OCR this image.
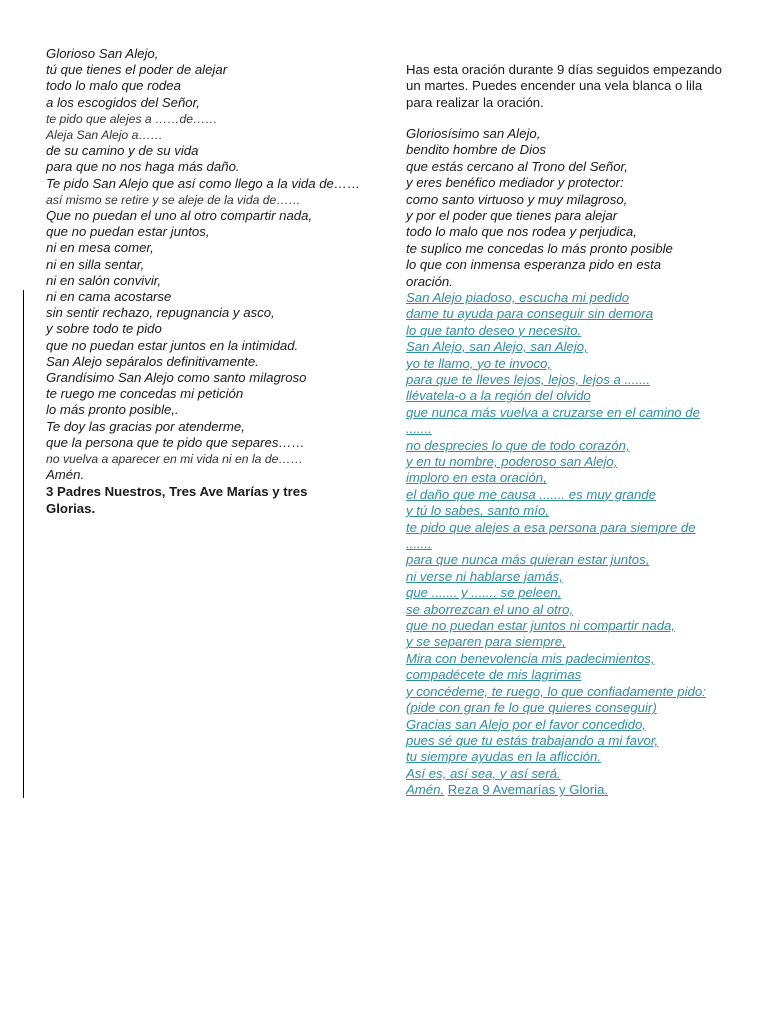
Glorioso San Alejo,
tú que tienes el poder de alejar
todo lo malo que rodea
a los escogidos del Señor,
te pido que alejes a ……de……
Aleja San Alejo a……
de su camino y de su vida
para que no nos haga más daño.
Te pido San Alejo que así como llego a la vida de……
así mismo se retire y se aleje de la vida de……
Que no puedan el uno al otro compartir nada,
que no puedan estar juntos,
ni en mesa comer,
ni en silla sentar,
ni en salón convivir,
ni en cama acostarse
sin sentir rechazo, repugnancia y asco,
y sobre todo te pido
que no puedan estar juntos en la intimidad.
San Alejo sepáralos definitivamente.
Grandísimo San Alejo como santo milagroso
te ruego me concedas mi petición
lo más pronto posible,.
Te doy las gracias por atenderme,
que la persona que te pido que separes……
no vuelva a aparecer en mi vida ni en la de……
Amén.
3 Padres Nuestros, Tres Ave Marías y tres Glorias.
Has esta oración durante 9 días seguidos empezando un martes. Puedes encender una vela blanca o lila para realizar la oración.
Gloriosísimo san Alejo,
bendito hombre de Dios
que estás cercano al Trono del Señor,
y eres benéfico mediador y protector:
como santo virtuoso y muy milagroso,
y por el poder que tienes para alejar
todo lo malo que nos rodea y perjudica,
te suplico me concedas lo más pronto posible
lo que con inmensa esperanza pido en esta
oración.
San Alejo piadoso, escucha mi pedido
dame tu ayuda para conseguir sin demora
lo que tanto deseo y necesito.
San Alejo, san Alejo, san Alejo,
yo te llamo, yo te invoco,
para que te lleves lejos, lejos, lejos a .......
llévatela-o a la región del olvido
que nunca más vuelva a cruzarse en el camino de
.......
no desprecies lo que de todo corazón,
y en tu nombre, poderoso san Alejo,
imploro en esta oración,
el daño que me causa ....... es muy grande
y tú lo sabes, santo mío,
te pido que alejes a esa persona para siempre de
.......
para que nunca más quieran estar juntos,
ni verse ni hablarse jamás,
que ....... y ....... se peleen,
se aborrezcan el uno al otro,
que no puedan estar juntos ni compartir nada,
y se separen para siempre,
Mira con benevolencia mis padecimientos,
compadécete de mis lagrimas
y concédeme, te ruego, lo que confiadamente pido:
(pide con gran fe lo que quieres conseguir)
Gracias san Alejo por el favor concedido,
pues sé que tu estás trabajando a mi favor,
tu siempre ayudas en la aflicción.
Así es, así sea, y así será.
Amén. Reza 9 Avemarías y Gloria.
